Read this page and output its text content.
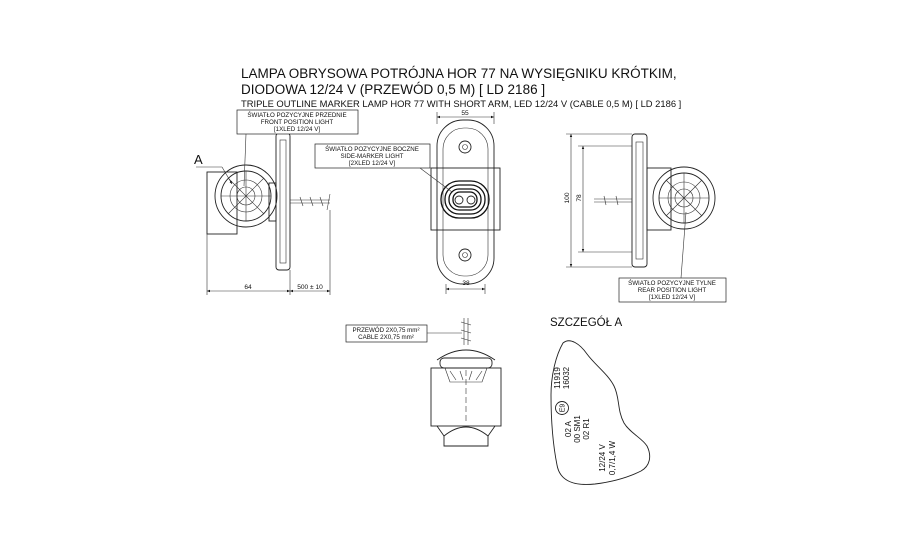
LAMPA OBRYSOWA POTRÓJNA HOR 77 NA WYSIĘGNIKU KRÓTKIM,
DIODOWA 12/24 V (PRZEWÓD 0,5 M) [ LD 2186 ]
TRIPLE OUTLINE MARKER LAMP HOR 77 WITH SHORT ARM, LED 12/24 V (CABLE 0,5 M) [ LD 2186 ]
ŚWIATŁO POZYCYJNE PRZEDNIE
FRONT POSITION LIGHT
[1XLED 12/24 V]
A
64	500 ± 10
ŚWIATŁO POZYCYJNE BOCZNE
SIDE-MARKER LIGHT
[2XLED 12/24 V]
55
38	ŚWIATŁO POZYCYJNE TYLNE
REAR POSITION LIGHT
[1XLED 12/24 V]
100 78
PRZEWÓD 2X0,75 mm²
CABLE 2X0,75 mm²
SZCZEGÓŁ A
E9
11919 16032
02 A 00 SM1 02 R1
12/24 V 0,7/1,4 W
